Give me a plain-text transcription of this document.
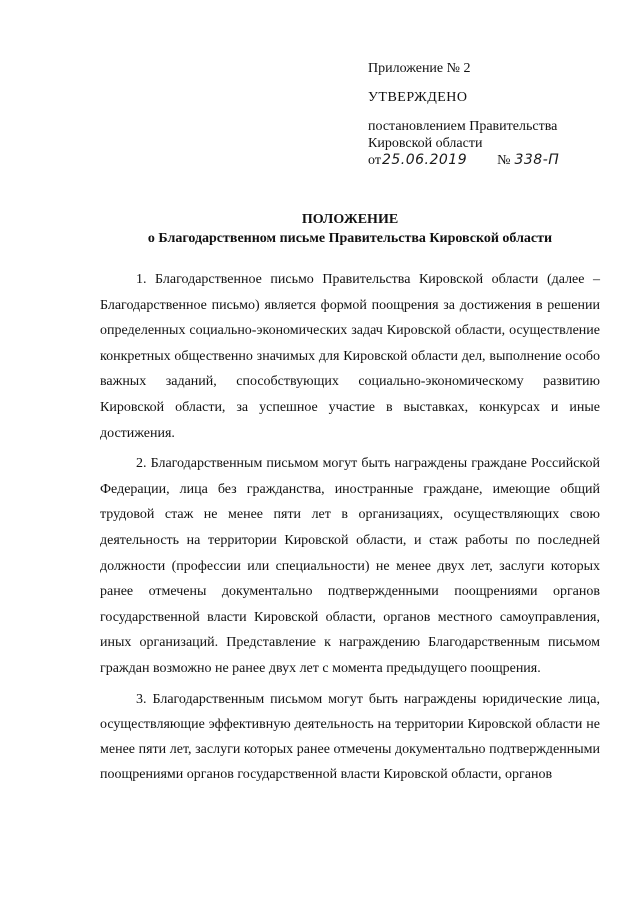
Приложение № 2

УТВЕРЖДЕНО

постановлением Правительства

Кировской области

от25.06.2019 № 338-П

ПОЛОЖЕНИЕ

о Благодарственном письме Правительства Кировской области

1. Благодарственное письмо Правительства Кировской области (далее – Благодарственное письмо) является формой поощрения за достижения в решении определенных социально-экономических задач Кировской области, осуществление конкретных общественно значимых для Кировской области дел, выполнение особо важных заданий, способствующих социально-экономическому развитию Кировской области, за успешное участие в выставках, конкурсах и иные достижения.

2. Благодарственным письмом могут быть награждены граждане Российской Федерации, лица без гражданства, иностранные граждане, имеющие общий трудовой стаж не менее пяти лет в организациях, осуществляющих свою деятельность на территории Кировской области, и стаж работы по последней должности (профессии или специальности) не менее двух лет, заслуги которых ранее отмечены документально подтвержденными поощрениями органов государственной власти Кировской области, органов местного самоуправления, иных организаций. Представление к награждению Благодарственным письмом граждан возможно не ранее двух лет с момента предыдущего поощрения.

3. Благодарственным письмом могут быть награждены юридические лица, осуществляющие эффективную деятельность на территории Кировской области не менее пяти лет, заслуги которых ранее отмечены документально подтвержденными поощрениями органов государственной власти Кировской области, органов
